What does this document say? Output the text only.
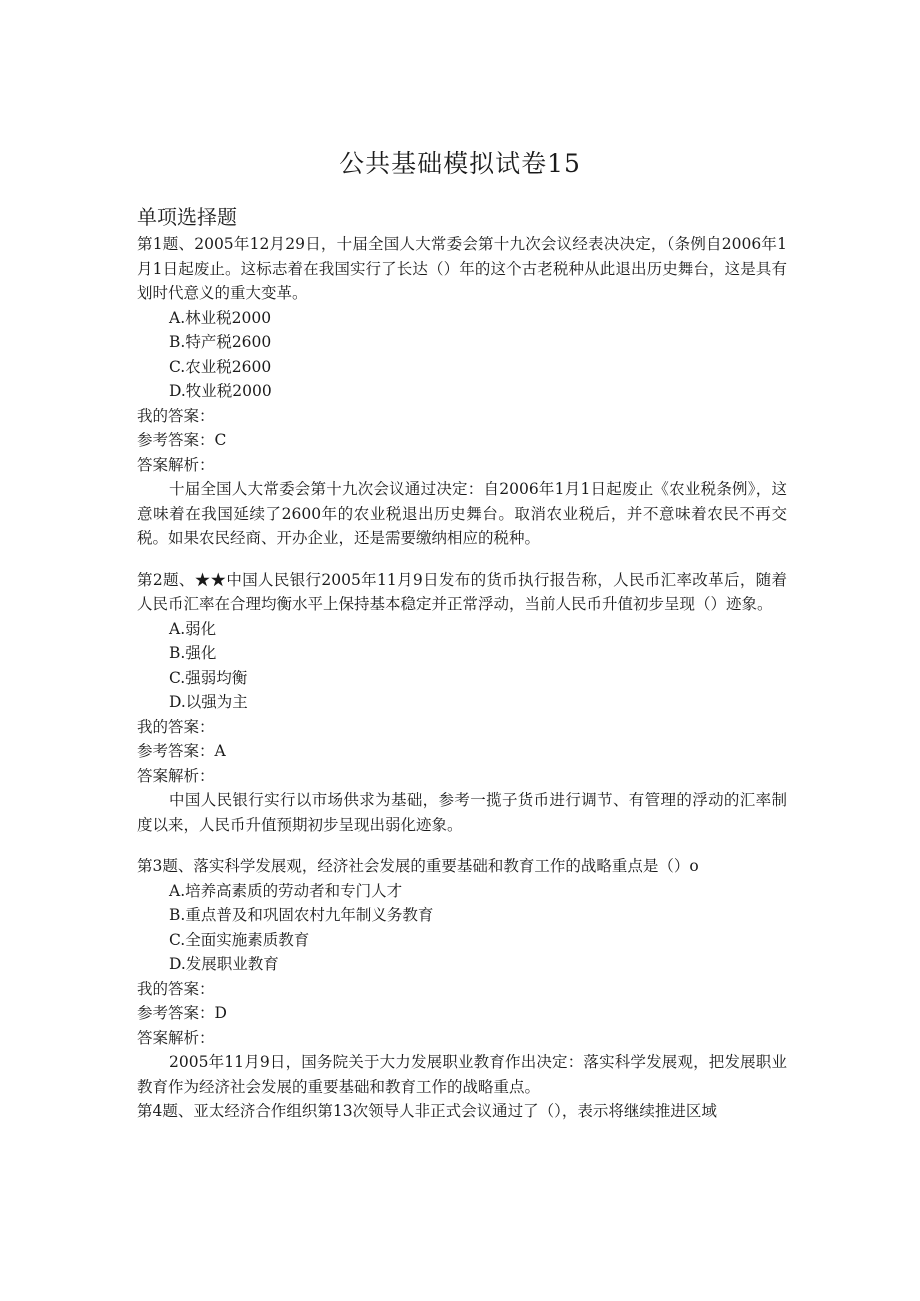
公共基础模拟试卷15
单项选择题

第1题、2005年12月29日，十届全国人大常委会第十九次会议经表决决定，（条例自2006年1月1日起废止。这标志着在我国实行了长达（）年的这个古老税种从此退出历史舞台，这是具有划时代意义的重大变革。

A.林业税2000
B.特产税2600
C.农业税2600
D.牧业税2000

我的答案：

参考答案：C

答案解析：

十届全国人大常委会第十九次会议通过决定：自2006年1月1日起废止《农业税条例》，这意味着在我国延续了2600年的农业税退出历史舞台。取消农业税后，并不意味着农民不再交税。如果农民经商、开办企业，还是需要缴纳相应的税种。

第2题、★★中国人民银行2005年11月9日发布的货币执行报告称，人民币汇率改革后，随着人民币汇率在合理均衡水平上保持基本稳定并正常浮动，当前人民币升值初步呈现（）迹象。

A.弱化
B.强化
C.强弱均衡
D.以强为主

我的答案：

参考答案：A

答案解析：

中国人民银行实行以市场供求为基础，参考一揽子货币进行调节、有管理的浮动的汇率制度以来，人民币升值预期初步呈现出弱化迹象。

第3题、落实科学发展观，经济社会发展的重要基础和教育工作的战略重点是（）o

A.培养高素质的劳动者和专门人才
B.重点普及和巩固农村九年制义务教育
C.全面实施素质教育
D.发展职业教育

我的答案：

参考答案：D

答案解析：

2005年11月9日，国务院关于大力发展职业教育作出决定：落实科学发展观，把发展职业教育作为经济社会发展的重要基础和教育工作的战略重点。

第4题、亚太经济合作组织第13次领导人非正式会议通过了（），表示将继续推进区域
